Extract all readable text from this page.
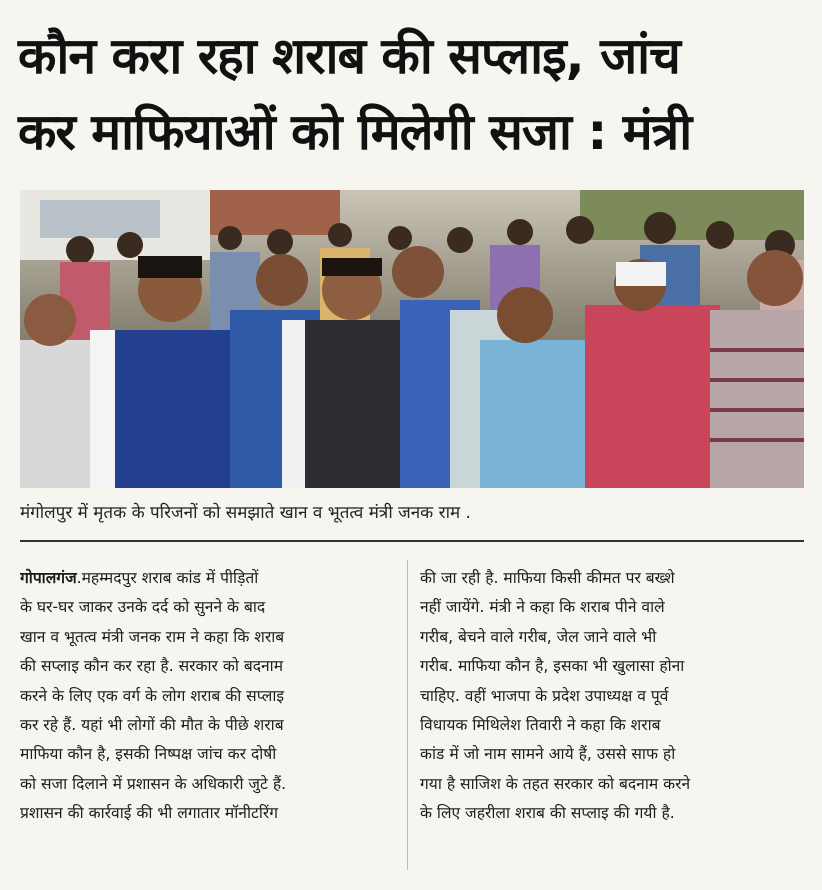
कौन करा रहा शराब की सप्लाइ, जांच
कर माफियाओं को मिलेगी सजा : मंत्री
मंगोलपुर में मृतक के परिजनों को समझाते खान व भूतत्व मंत्री जनक राम .
गोपालगंज.महम्मदपुर शराब कांड में पीड़ितों
के घर-घर जाकर उनके दर्द को सुनने के बाद
खान व भूतत्व मंत्री जनक राम ने कहा कि शराब
की सप्लाइ कौन कर रहा है. सरकार को बदनाम
करने के लिए एक वर्ग के लोग शराब की सप्लाइ
कर रहे हैं. यहां भी लोगों की मौत के पीछे शराब
माफिया कौन है, इसकी निष्पक्ष जांच कर दोषी
को सजा दिलाने में प्रशासन के अधिकारी जुटे हैं.
प्रशासन की कार्रवाई की भी लगातार मॉनीटरिंग
की जा रही है. माफिया किसी कीमत पर बख्शे
नहीं जायेंगे. मंत्री ने कहा कि शराब पीने वाले
गरीब, बेचने वाले गरीब, जेल जाने वाले भी
गरीब. माफिया कौन है, इसका भी खुलासा होना
चाहिए. वहीं भाजपा के प्रदेश उपाध्यक्ष व पूर्व
विधायक मिथिलेश तिवारी ने कहा कि शराब
कांड में जो नाम सामने आये हैं, उससे साफ हो
गया है साजिश के तहत सरकार को बदनाम करने
के लिए जहरीला शराब की सप्लाइ की गयी है.
